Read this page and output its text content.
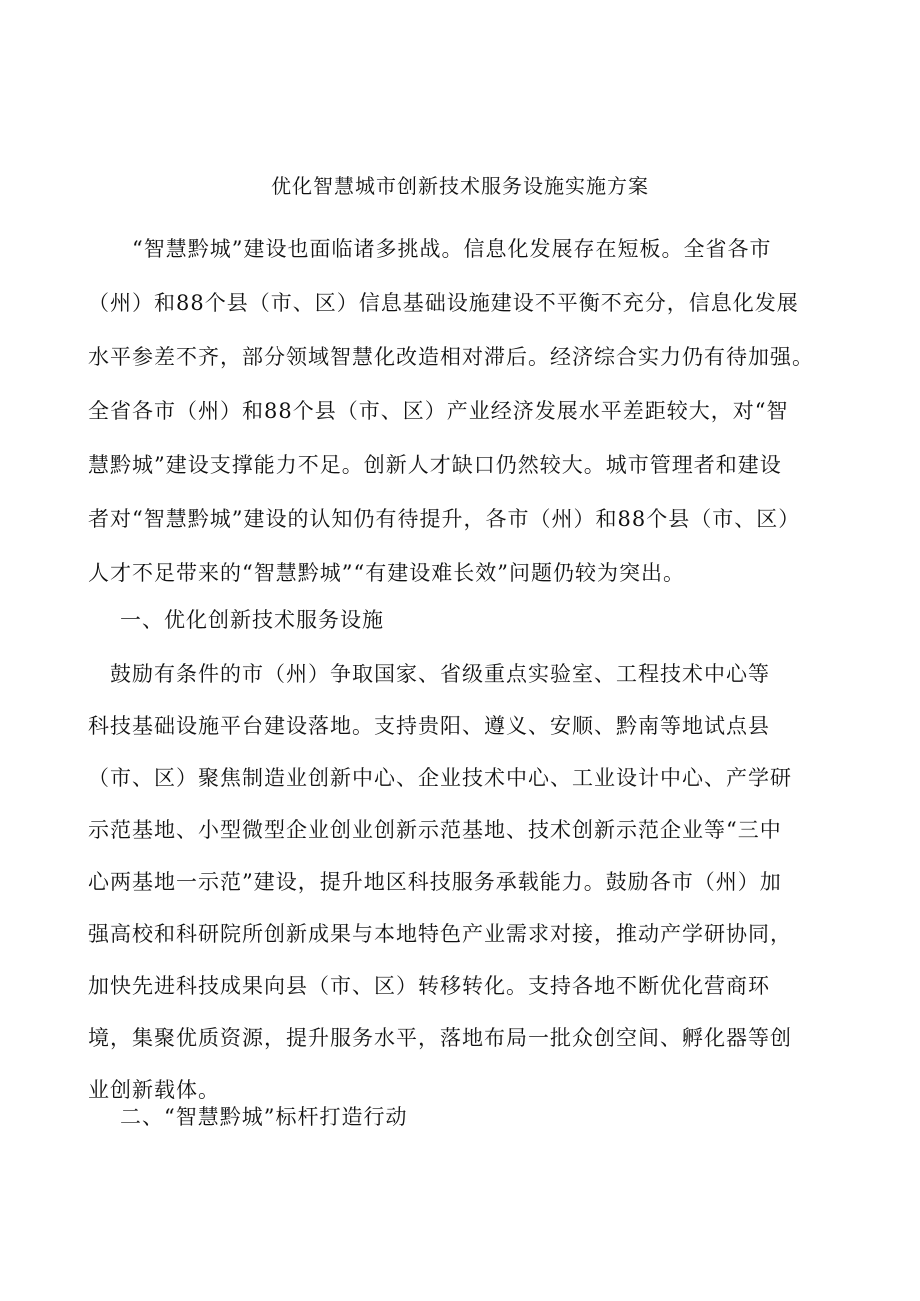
优化智慧城市创新技术服务设施实施方案
　　“智慧黔城”建设也面临诸多挑战。信息化发展存在短板。全省各市
（州）和88个县（市、区）信息基础设施建设不平衡不充分，信息化发展
水平参差不齐，部分领域智慧化改造相对滞后。经济综合实力仍有待加强。
全省各市（州）和88个县（市、区）产业经济发展水平差距较大，对“智
慧黔城”建设支撑能力不足。创新人才缺口仍然较大。城市管理者和建设
者对“智慧黔城”建设的认知仍有待提升，各市（州）和88个县（市、区）
人才不足带来的“智慧黔城”“有建设难长效”问题仍较为突出。
一、优化创新技术服务设施
　鼓励有条件的市（州）争取国家、省级重点实验室、工程技术中心等
科技基础设施平台建设落地。支持贵阳、遵义、安顺、黔南等地试点县
（市、区）聚焦制造业创新中心、企业技术中心、工业设计中心、产学研
示范基地、小型微型企业创业创新示范基地、技术创新示范企业等“三中
心两基地一示范”建设，提升地区科技服务承载能力。鼓励各市（州）加
强高校和科研院所创新成果与本地特色产业需求对接，推动产学研协同，
加快先进科技成果向县（市、区）转移转化。支持各地不断优化营商环
境，集聚优质资源，提升服务水平，落地布局一批众创空间、孵化器等创
业创新载体。
二、“智慧黔城”标杆打造行动
